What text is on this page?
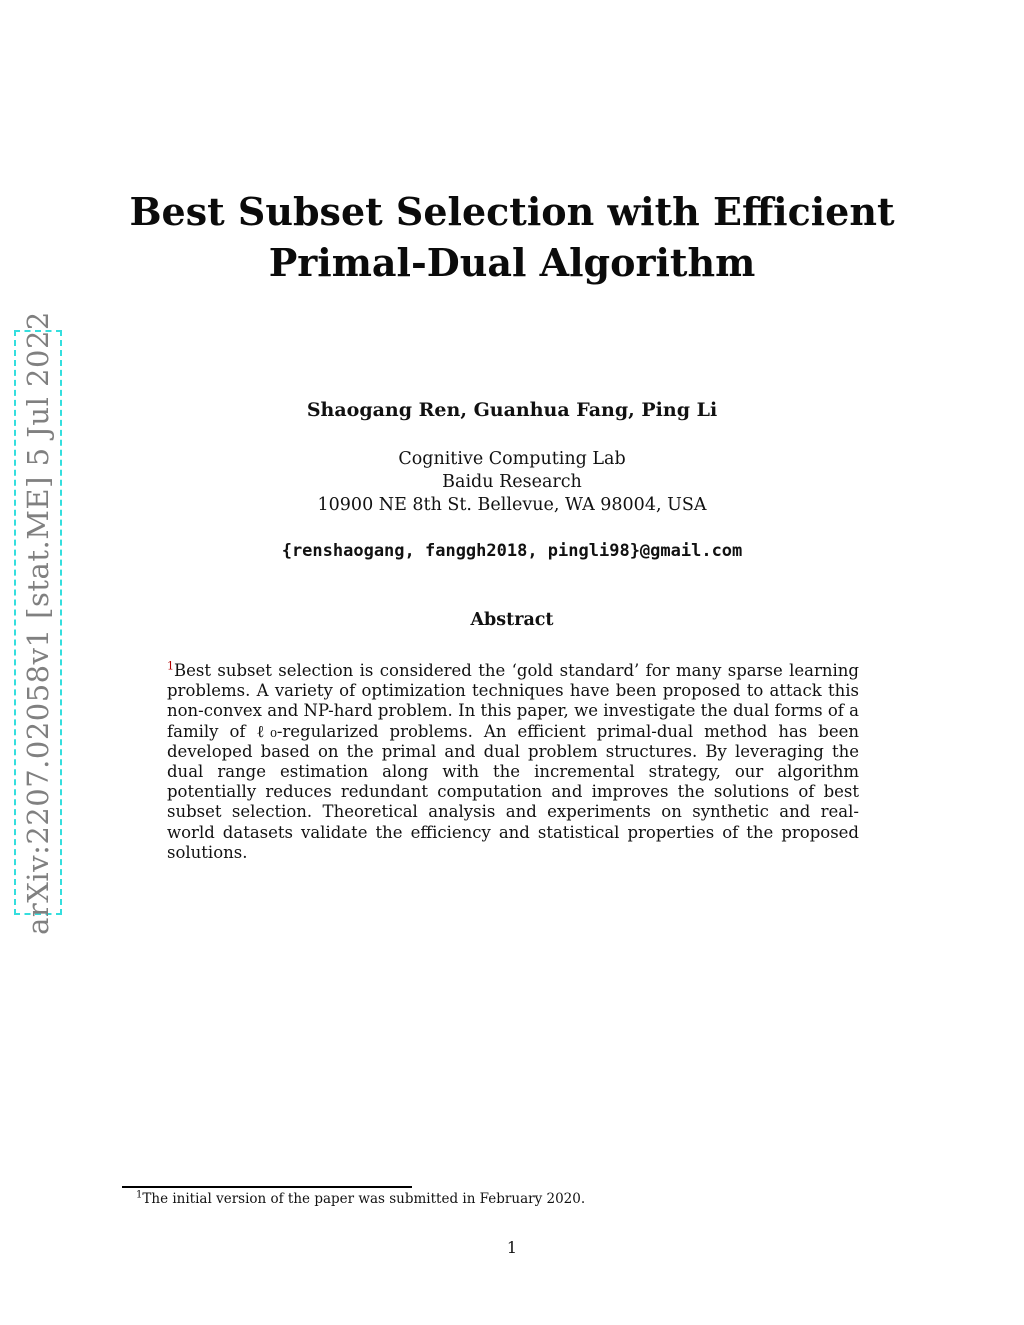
arXiv:2207.02058v1 [stat.ME] 5 Jul 2022
Best Subset Selection with Efficient
Primal-Dual Algorithm
Shaogang Ren, Guanhua Fang, Ping Li
Cognitive Computing Lab
Baidu Research
10900 NE 8th St. Bellevue, WA 98004, USA
{renshaogang, fanggh2018, pingli98}@gmail.com
Abstract

$^1$Best subset selection is considered the ‘gold standard’ for many sparse learning problems. A variety of optimization techniques have been proposed to attack this non-convex and NP-hard problem. In this paper, we investigate the dual forms of a family of ℓ₀-regularized problems. An efficient primal-dual method has been developed based on the primal and dual problem structures. By leveraging the dual range estimation along with the incremental strategy, our algorithm potentially reduces redundant computation and improves the solutions of best subset selection. Theoretical analysis and experiments on synthetic and real-world datasets validate the efficiency and statistical properties of the proposed solutions.

$^1$The initial version of the paper was submitted in February 2020.

1
